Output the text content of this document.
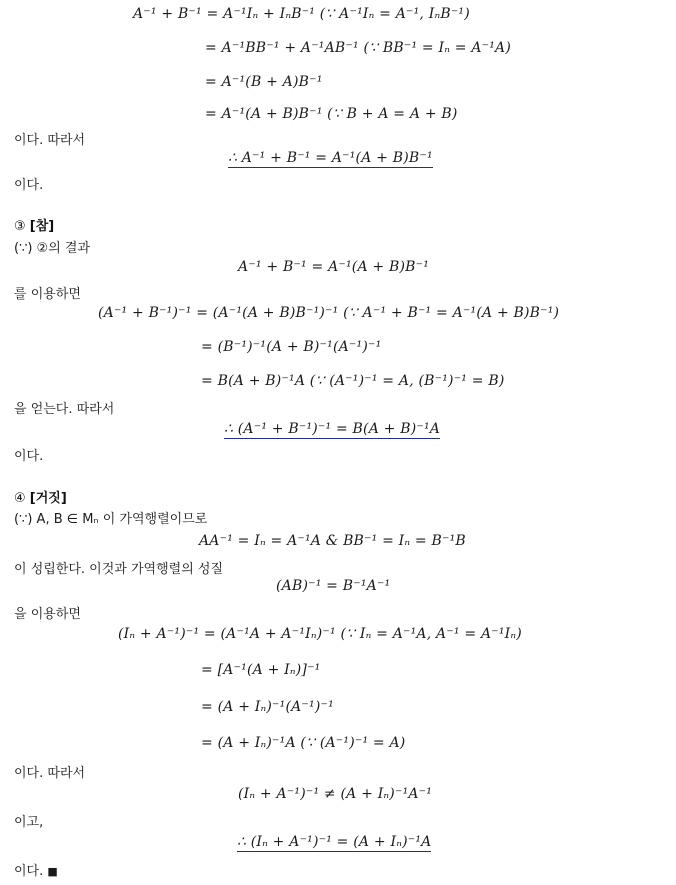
A⁻¹ + B⁻¹ = A⁻¹Iₙ + IₙB⁻¹ (∵ A⁻¹Iₙ = A⁻¹, IₙB⁻¹)
= A⁻¹BB⁻¹ + A⁻¹AB⁻¹ (∵ BB⁻¹ = Iₙ = A⁻¹A)
= A⁻¹(B + A)B⁻¹
= A⁻¹(A + B)B⁻¹ (∵ B + A = A + B)
이다. 따라서
∴ A⁻¹ + B⁻¹ = A⁻¹(A + B)B⁻¹
이다.
③ [참]
(∵) ②의 결과
A⁻¹ + B⁻¹ = A⁻¹(A + B)B⁻¹
를 이용하면
(A⁻¹ + B⁻¹)⁻¹ = (A⁻¹(A + B)B⁻¹)⁻¹ (∵ A⁻¹ + B⁻¹ = A⁻¹(A + B)B⁻¹)
= (B⁻¹)⁻¹(A + B)⁻¹(A⁻¹)⁻¹
= B(A + B)⁻¹A (∵ (A⁻¹)⁻¹ = A, (B⁻¹)⁻¹ = B)
을 얻는다. 따라서
∴ (A⁻¹ + B⁻¹)⁻¹ = B(A + B)⁻¹A
이다.
④ [거짓]
(∵) A, B ∈ Mₙ 이 가역행렬이므로
AA⁻¹ = Iₙ = A⁻¹A & BB⁻¹ = Iₙ = B⁻¹B
이 성립한다. 이것과 가역행렬의 성질
(AB)⁻¹ = B⁻¹A⁻¹
을 이용하면
(Iₙ + A⁻¹)⁻¹ = (A⁻¹A + A⁻¹Iₙ)⁻¹ (∵ Iₙ = A⁻¹A, A⁻¹ = A⁻¹Iₙ)
= [A⁻¹(A + Iₙ)]⁻¹
= (A + Iₙ)⁻¹(A⁻¹)⁻¹
= (A + Iₙ)⁻¹A (∵ (A⁻¹)⁻¹ = A)
이다. 따라서
(Iₙ + A⁻¹)⁻¹ ≠ (A + Iₙ)⁻¹A⁻¹
이고,
∴ (Iₙ + A⁻¹)⁻¹ = (A + Iₙ)⁻¹A
이다. ■
